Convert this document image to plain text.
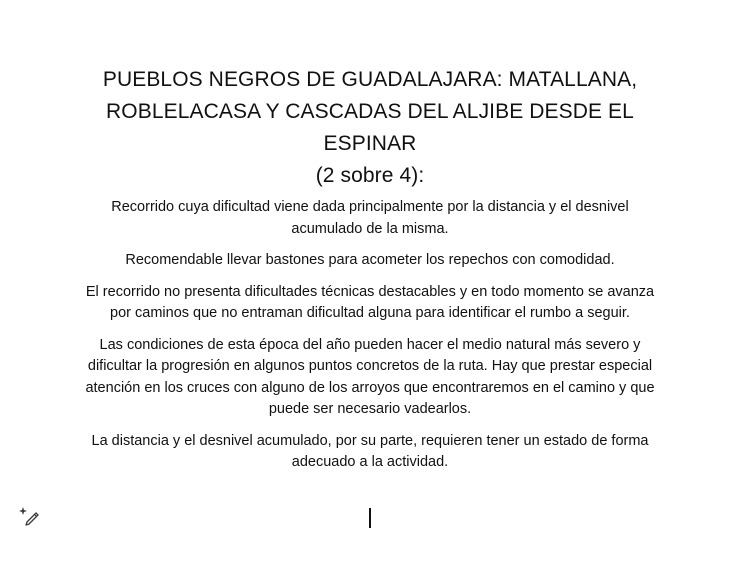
PUEBLOS NEGROS DE GUADALAJARA: MATALLANA,
ROBLELACASA Y CASCADAS DEL ALJIBE DESDE EL ESPINAR
(2 sobre 4):

Recorrido cuya dificultad viene dada principalmente por la distancia y el desnivel acumulado de la misma.

Recomendable llevar bastones para acometer los repechos con comodidad.

El recorrido no presenta dificultades técnicas destacables y en todo momento se avanza por caminos que no entraman dificultad alguna para identificar el rumbo a seguir.

Las condiciones de esta época del año pueden hacer el medio natural más severo y dificultar la progresión en algunos puntos concretos de la ruta. Hay que prestar especial atención en los cruces con alguno de los arroyos que encontraremos en el camino y que puede ser necesario vadearlos.

La distancia y el desnivel acumulado, por su parte, requieren tener un estado de forma adecuado a la actividad.
